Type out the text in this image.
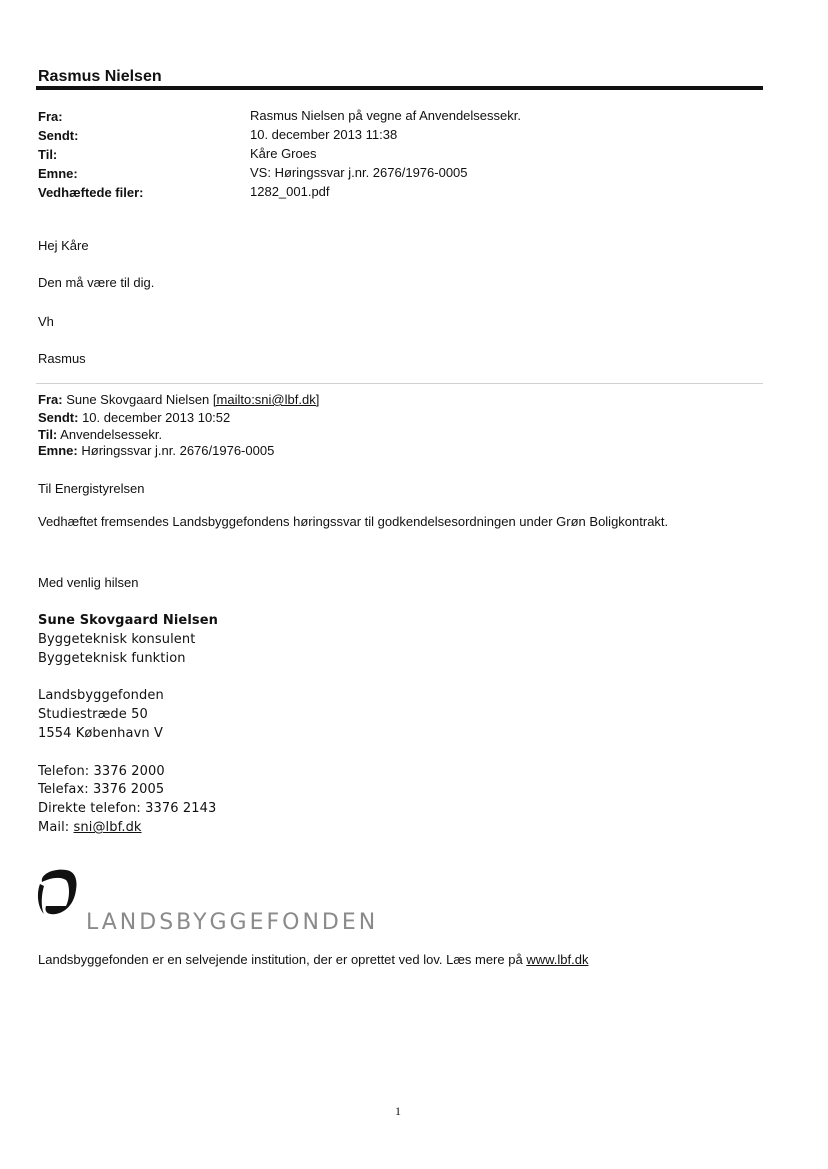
Rasmus Nielsen
Fra:	Rasmus Nielsen på vegne af Anvendelsessekr.
Sendt:	10. december 2013 11:38
Til:	Kåre Groes
Emne:	VS: Høringssvar j.nr. 2676/1976-0005
Vedhæftede filer:	1282_001.pdf
Hej Kåre
Den må være til dig.
Vh
Rasmus
Fra: Sune Skovgaard Nielsen [mailto:sni@lbf.dk]
Sendt: 10. december 2013 10:52
Til: Anvendelsessekr.
Emne: Høringssvar j.nr. 2676/1976-0005
Til Energistyrelsen
Vedhæftet fremsendes Landsbyggefondens høringssvar til godkendelsesordningen under Grøn Boligkontrakt.
Med venlig hilsen
Sune Skovgaard Nielsen
Byggeteknisk konsulent
Byggeteknisk funktion
Landsbyggefonden
Studiestræde 50
1554 København V
Telefon: 3376 2000
Telefax: 3376 2005
Direkte telefon: 3376 2143
Mail: sni@lbf.dk
LANDSBYGGEFONDEN
Landsbyggefonden er en selvejende institution, der er oprettet ved lov. Læs mere på www.lbf.dk
1
